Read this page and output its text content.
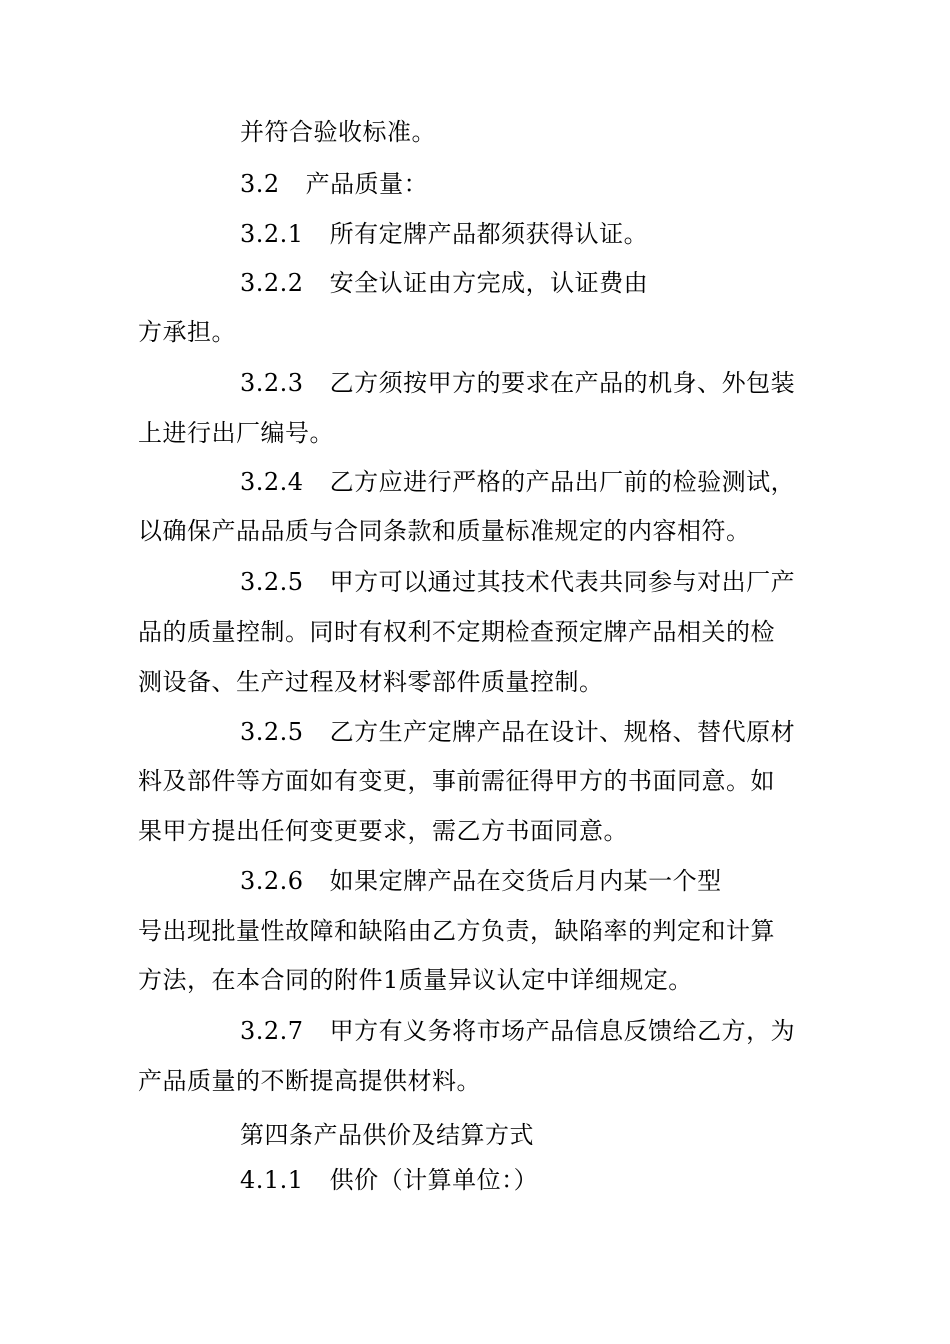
并符合验收标准。
3.2 产品质量：
3.2.1 所有定牌产品都须获得认证。
3.2.2 安全认证由方完成，认证费由
方承担。
3.2.3 乙方须按甲方的要求在产品的机身、外包装
上进行出厂编号。
3.2.4 乙方应进行严格的产品出厂前的检验测试，
以确保产品品质与合同条款和质量标准规定的内容相符。
3.2.5 甲方可以通过其技术代表共同参与对出厂产
品的质量控制。同时有权利不定期检查预定牌产品相关的检
测设备、生产过程及材料零部件质量控制。
3.2.5 乙方生产定牌产品在设计、规格、替代原材
料及部件等方面如有变更，事前需征得甲方的书面同意。如
果甲方提出任何变更要求，需乙方书面同意。
3.2.6 如果定牌产品在交货后月内某一个型
号出现批量性故障和缺陷由乙方负责，缺陷率的判定和计算
方法，在本合同的附件1质量异议认定中详细规定。
3.2.7 甲方有义务将市场产品信息反馈给乙方，为
产品质量的不断提高提供材料。
第四条产品供价及结算方式
4.1.1 供价（计算单位：）
